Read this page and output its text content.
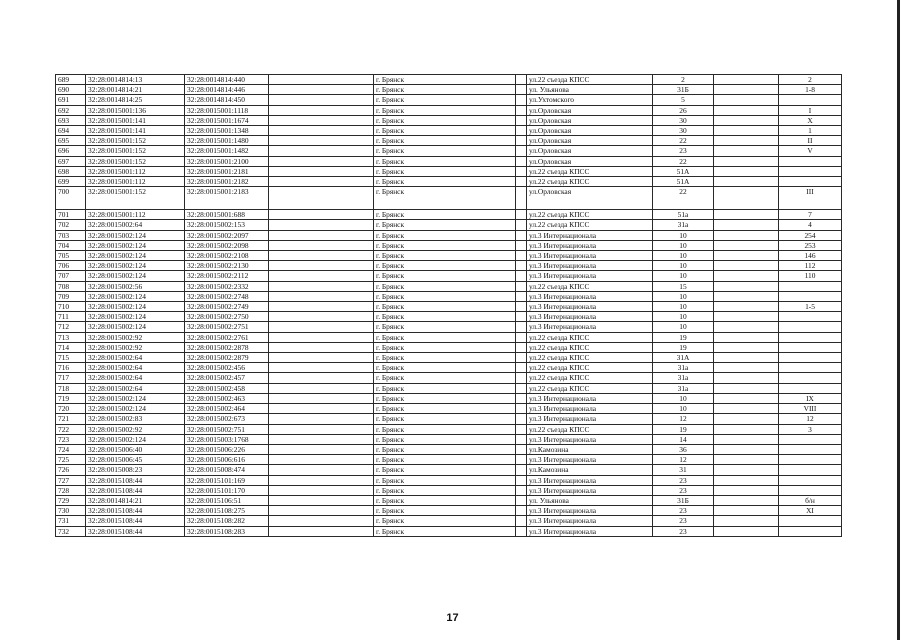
689	32:28:0014814:13	32:28:0014814:440		г. Брянск		ул.22 съезда КПСС	2		2
690	32:28:0014814:21	32:28:0014814:446		г. Брянск		ул. Ульянова	31Б		1-8
691	32:28:0014814:25	32:28:0014814:450		г. Брянск		ул.Ухтомского	5		
692	32:28:0015001:136	32:28:0015001:1118		г. Брянск		ул.Орловская	26		I
693	32:28:0015001:141	32:28:0015001:1674		г. Брянск		ул.Орловская	30		X
694	32:28:0015001:141	32:28:0015001:1348		г. Брянск		ул.Орловская	30		1
695	32:28:0015001:152	32:28:0015001:1480		г. Брянск		ул.Орловская	22		II
696	32:28:0015001:152	32:28:0015001:1482		г. Брянск		ул.Орловская	23		V
697	32:28:0015001:152	32:28:0015001:2100		г. Брянск		ул.Орловская	22		
698	32:28:0015001:112	32:28:0015001:2181		г. Брянск		ул.22 съезда КПСС	51А		
699	32:28:0015001:112	32:28:0015001:2182		г. Брянск		ул.22 съезда КПСС	51А		
700	32:28:0015001:152	32:28:0015001:2183		г. Брянск		ул.Орловская	22		III
701	32:28:0015001:112	32:28:0015001:688		г. Брянск		ул.22 съезда КПСС	51а		7
702	32:28:0015002:64	32:28:0015002:153		г. Брянск		ул.22 съезда КПСС	31а		4
703	32:28:0015002:124	32:28:0015002:2097		г. Брянск		ул.3 Интернационала	10		254
704	32:28:0015002:124	32:28:0015002:2098		г. Брянск		ул.3 Интернационала	10		253
705	32:28:0015002:124	32:28:0015002:2108		г. Брянск		ул.3 Интернационала	10		146
706	32:28:0015002:124	32:28:0015002:2130		г. Брянск		ул.3 Интернационала	10		112
707	32:28:0015002:124	32:28:0015002:2112		г. Брянск		ул.3 Интернационала	10		110
708	32:28:0015002:56	32:28:0015002:2332		г. Брянск		ул.22 съезда КПСС	15		
709	32:28:0015002:124	32:28:0015002:2748		г. Брянск		ул.3 Интернационала	10		
710	32:28:0015002:124	32:28:0015002:2749		г. Брянск		ул.3 Интернационала	10		1-5
711	32:28:0015002:124	32:28:0015002:2750		г. Брянск		ул.3 Интернационала	10		
712	32:28:0015002:124	32:28:0015002:2751		г. Брянск		ул.3 Интернационала	10		
713	32:28:0015002:92	32:28:0015002:2761		г. Брянск		ул.22 съезда КПСС	19		
714	32:28:0015002:92	32:28:0015002:2878		г. Брянск		ул.22 съезда КПСС	19		
715	32:28:0015002:64	32:28:0015002:2879		г. Брянск		ул.22 съезда КПСС	31А		
716	32:28:0015002:64	32:28:0015002:456		г. Брянск		ул.22 съезда КПСС	31а		
717	32:28:0015002:64	32:28:0015002:457		г. Брянск		ул.22 съезда КПСС	31а		
718	32:28:0015002:64	32:28:0015002:458		г. Брянск		ул.22 съезда КПСС	31а		
719	32:28:0015002:124	32:28:0015002:463		г. Брянск		ул.3 Интернационала	10		IX
720	32:28:0015002:124	32:28:0015002:464		г. Брянск		ул.3 Интернационала	10		VIII
721	32:28:0015002:83	32:28:0015002:673		г. Брянск		ул.3 Интернационала	12		12
722	32:28:0015002:92	32:28:0015002:751		г. Брянск		ул.22 съезда КПСС	19		3
723	32:28:0015002:124	32:28:0015003:1768		г. Брянск		ул.3 Интернационала	14		
724	32:28:0015006:40	32:28:0015006:226		г. Брянск		ул.Камозина	36		
725	32:28:0015006:45	32:28:0015006:616		г. Брянск		ул.3 Интернационала	12		
726	32:28:0015008:23	32:28:0015008:474		г. Брянск		ул.Камозина	31		
727	32:28:0015108:44	32:28:0015101:169		г. Брянск		ул.3 Интернационала	23		
728	32:28:0015108:44	32:28:0015101:170		г. Брянск		ул.3 Интернационала	23		
729	32:28:0014814:21	32:28:0015106:51		г. Брянск		ул. Ульянова	31Б		б/н
730	32:28:0015108:44	32:28:0015108:275		г. Брянск		ул.3 Интернационала	23		XI
731	32:28:0015108:44	32:28:0015108:282		г. Брянск		ул.3 Интернационала	23		
732	32:28:0015108:44	32:28:0015108:283		г. Брянск		ул.3 Интернационала	23		
17
